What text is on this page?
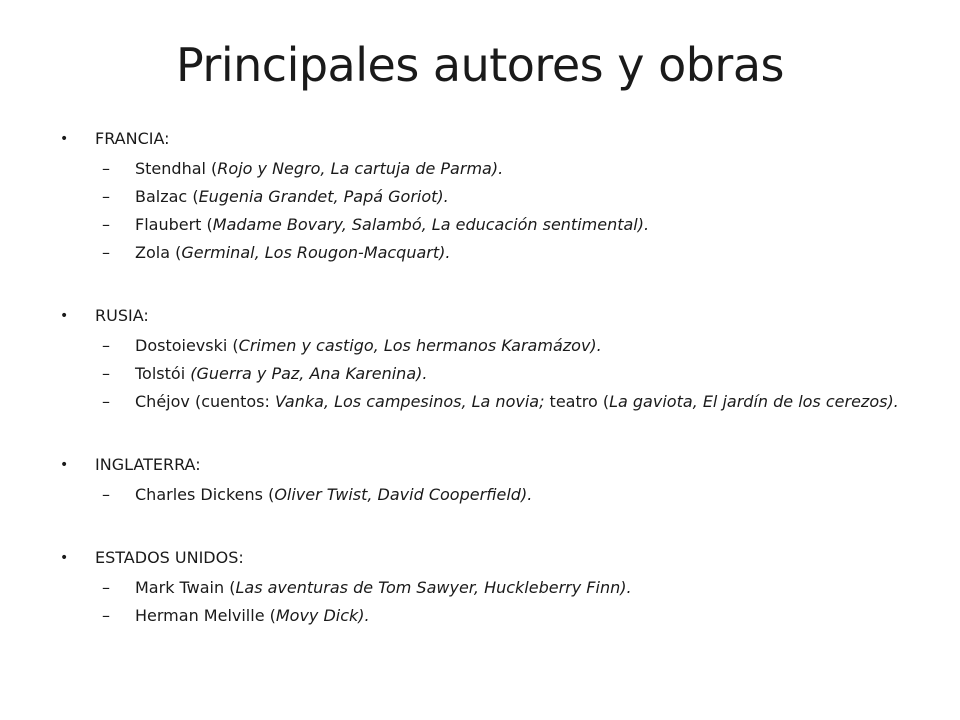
Principales autores y obras

• FRANCIA:

– Stendhal (Rojo y Negro, La cartuja de Parma).

– Balzac (Eugenia Grandet, Papá Goriot).

– Flaubert (Madame Bovary, Salambó, La educación sentimental).

– Zola (Germinal, Los Rougon-Macquart).

• RUSIA:

– Dostoievski (Crimen y castigo, Los hermanos Karamázov).

– Tolstói (Guerra y Paz, Ana Karenina).

– Chéjov (cuentos: Vanka, Los campesinos, La novia; teatro (La gaviota, El jardín de los cerezos).

• INGLATERRA:

– Charles Dickens (Oliver Twist, David Cooperfield).

• ESTADOS UNIDOS:

– Mark Twain (Las aventuras de Tom Sawyer, Huckleberry Finn).

– Herman Melville (Movy Dick).
